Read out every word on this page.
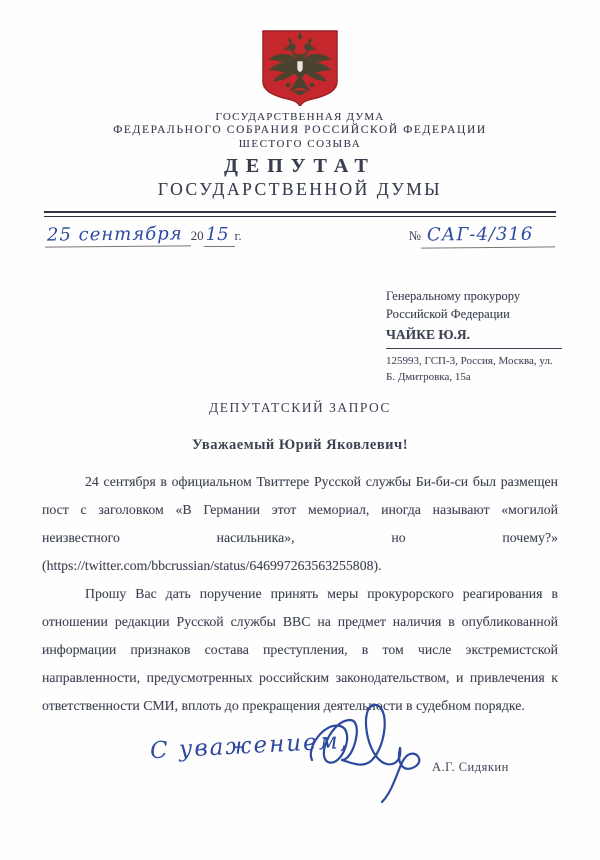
ГОСУДАРСТВЕННАЯ ДУМА
ФЕДЕРАЛЬНОГО СОБРАНИЯ РОССИЙСКОЙ ФЕДЕРАЦИИ
ШЕСТОГО СОЗЫВА
ДЕПУТАТ
ГОСУДАРСТВЕННОЙ ДУМЫ
25 сентября 20 15 г.	№ САГ-4/316
Генеральному прокурору
Российской Федерации
ЧАЙКЕ Ю.Я.
125993, ГСП-3, Россия, Москва, ул.
Б. Дмитровка, 15а
ДЕПУТАТСКИЙ ЗАПРОС
Уважаемый Юрий Яковлевич!

24 сентября в официальном Твиттере Русской службы Би-би-си был размещен пост с заголовком «В Германии этот мемориал, иногда называют «могилой неизвестного насильника», но почему?» (https://twitter.com/bbcrussian/status/646997263563255808).

Прошу Вас дать поручение принять меры прокурорского реагирования в отношении редакции Русской службы BBC на предмет наличия в опубликованной информации признаков состава преступления, в том числе экстремистской направленности, предусмотренных российским законодательством, и привлечения к ответственности СМИ, вплоть до прекращения деятельности в судебном порядке.

С уважением,
А.Г. Сидякин
